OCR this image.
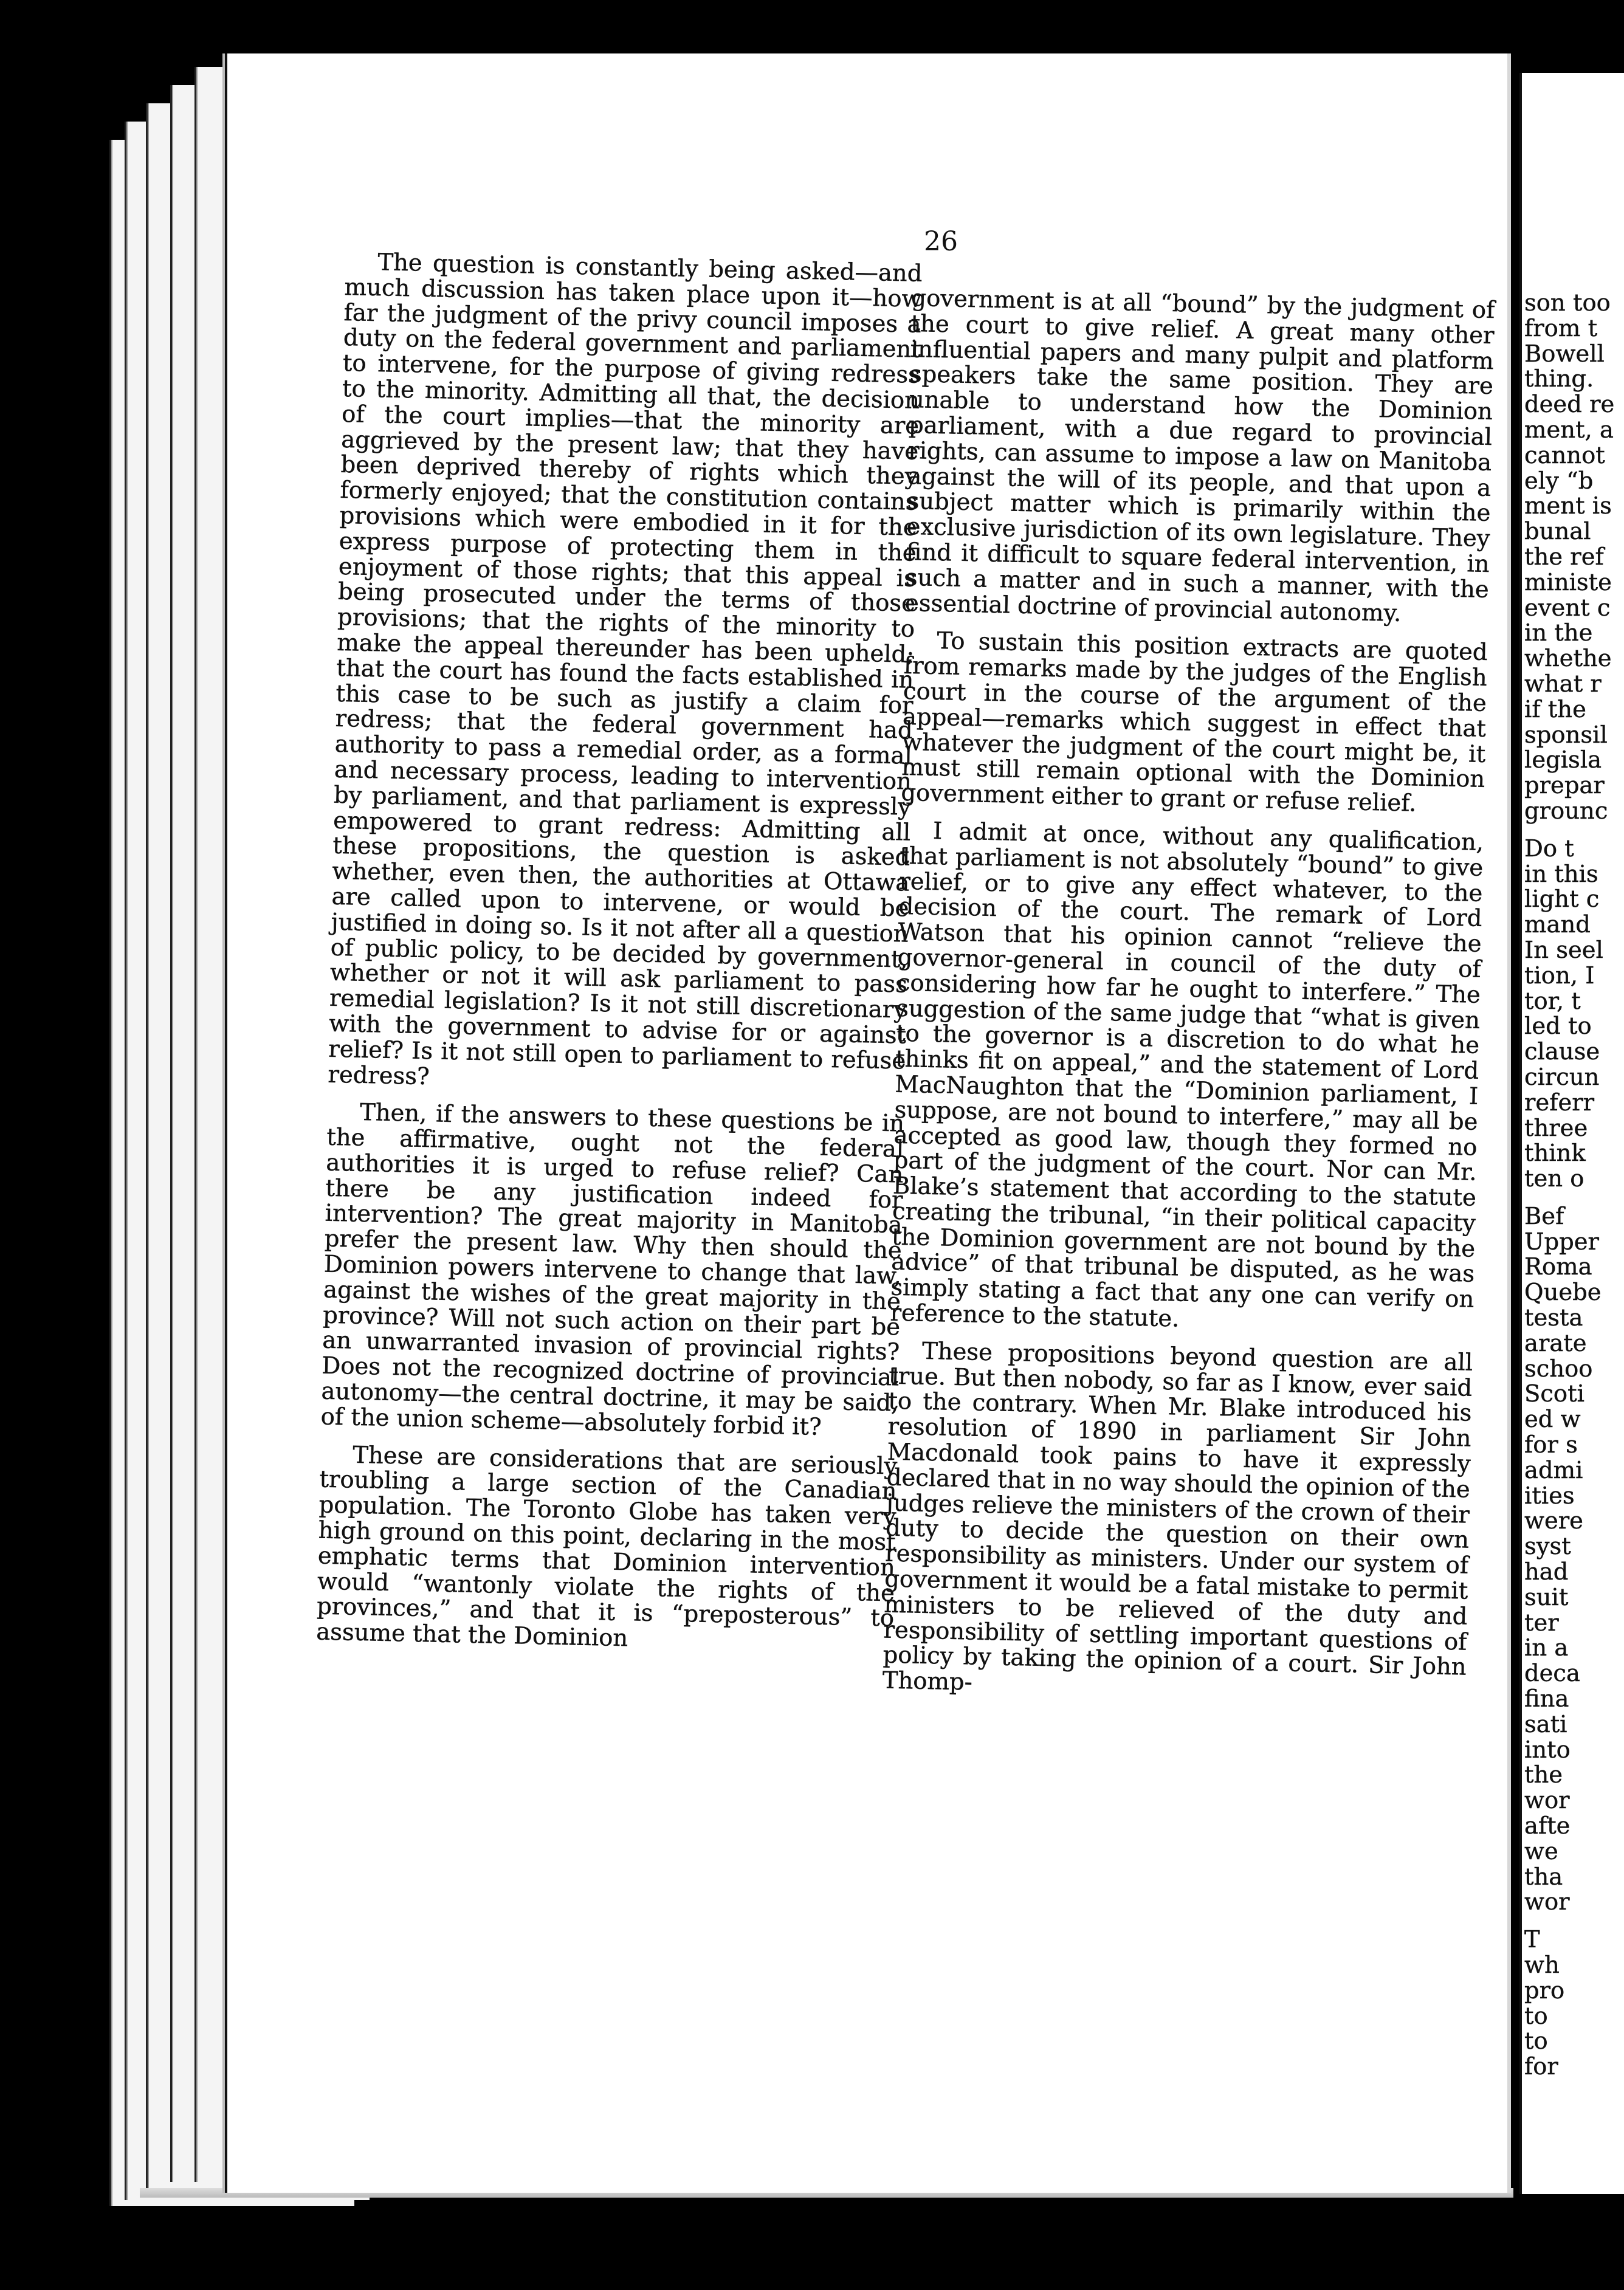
26

The question is constantly being asked—and much discussion has taken place upon it—how far the judgment of the privy council imposes a duty on the federal government and parliament to intervene, for the purpose of giving redress to the minority. Admitting all that, the decision of the court implies—that the minority are aggrieved by the present law; that they have been deprived thereby of rights which they formerly enjoyed; that the constitution contains provisions which were embodied in it for the express purpose of protecting them in the enjoyment of those rights; that this appeal is being prosecuted under the terms of those provisions; that the rights of the minority to make the appeal thereunder has been upheld; that the court has found the facts established in this case to be such as justify a claim for redress; that the federal government had authority to pass a remedial order, as a formal and necessary process, leading to intervention by parliament, and that parliament is expressly empowered to grant redress: Admitting all these propositions, the question is asked whether, even then, the authorities at Ottawa are called upon to intervene, or would be justified in doing so. Is it not after all a question of public policy, to be decided by government, whether or not it will ask parliament to pass remedial legislation? Is it not still discretionary with the government to advise for or against relief? Is it not still open to parliament to refuse redress?

Then, if the answers to these questions be in the affirmative, ought not the federal authorities it is urged to refuse relief? Can there be any justification indeed for intervention? The great majority in Manitoba prefer the present law. Why then should the Dominion powers intervene to change that law, against the wishes of the great majority in the province? Will not such action on their part be an unwarranted invasion of provincial rights? Does not the recognized doctrine of provincial autonomy—the central doctrine, it may be said, of the union scheme—absolutely forbid it?

These are considerations that are seriously troubling a large section of the Canadian population. The Toronto Globe has taken very high ground on this point, declaring in the most emphatic terms that Dominion intervention would “wantonly violate the rights of the provinces,” and that it is “preposterous” to assume that the Dominion

government is at all “bound” by the judgment of the court to give relief. A great many other influential papers and many pulpit and platform speakers take the same position. They are unable to understand how the Dominion parliament, with a due regard to provincial rights, can assume to impose a law on Manitoba against the will of its people, and that upon a subject matter which is primarily within the exclusive jurisdiction of its own legislature. They find it difficult to square federal intervention, in such a matter and in such a manner, with the essential doctrine of provincial autonomy.

To sustain this position extracts are quoted from remarks made by the judges of the English court in the course of the argument of the appeal—remarks which suggest in effect that whatever the judgment of the court might be, it must still remain optional with the Dominion government either to grant or refuse relief.

I admit at once, without any qualification, that parliament is not absolutely “bound” to give relief, or to give any effect whatever, to the decision of the court. The remark of Lord Watson that his opinion cannot “relieve the governor-general in council of the duty of considering how far he ought to interfere.” The suggestion of the same judge that “what is given to the governor is a discretion to do what he thinks fit on appeal,” and the statement of Lord MacNaughton that the “Dominion parliament, I suppose, are not bound to interfere,” may all be accepted as good law, though they formed no part of the judgment of the court. Nor can Mr. Blake’s statement that according to the statute creating the tribunal, “in their political capacity the Dominion government are not bound by the advice” of that tribunal be disputed, as he was simply stating a fact that any one can verify on reference to the statute.

These propositions beyond question are all true. But then nobody, so far as I know, ever said to the contrary. When Mr. Blake introduced his resolution of 1890 in parliament Sir John Macdonald took pains to have it expressly declared that in no way should the opinion of the judges relieve the ministers of the crown of their duty to decide the question on their own responsibility as ministers. Under our system of government it would be a fatal mistake to permit ministers to be relieved of the duty and responsibility of settling important questions of policy by taking the opinion of a court. Sir John Thomp-

son too
from t
Bowell
thing.
deed re
ment, a
cannot
ely “b
ment is
bunal
the ref
ministe
event c
in the
whethe
what r
if the
sponsil
legisla
prepar
grounc
Do t
in this
light c
mand
In seel
tion, I
tor, t
led to
clause
circun
referr
three
think
ten o
Bef
Upper
Roma
Quebe
testa
arate
schoo
Scoti
ed w
for s
admi
ities
were
syst
had
suit
ter
in a
deca
fina
sati
into
the
wor
afte
we
tha
wor
T
wh
pro
to
to
for
